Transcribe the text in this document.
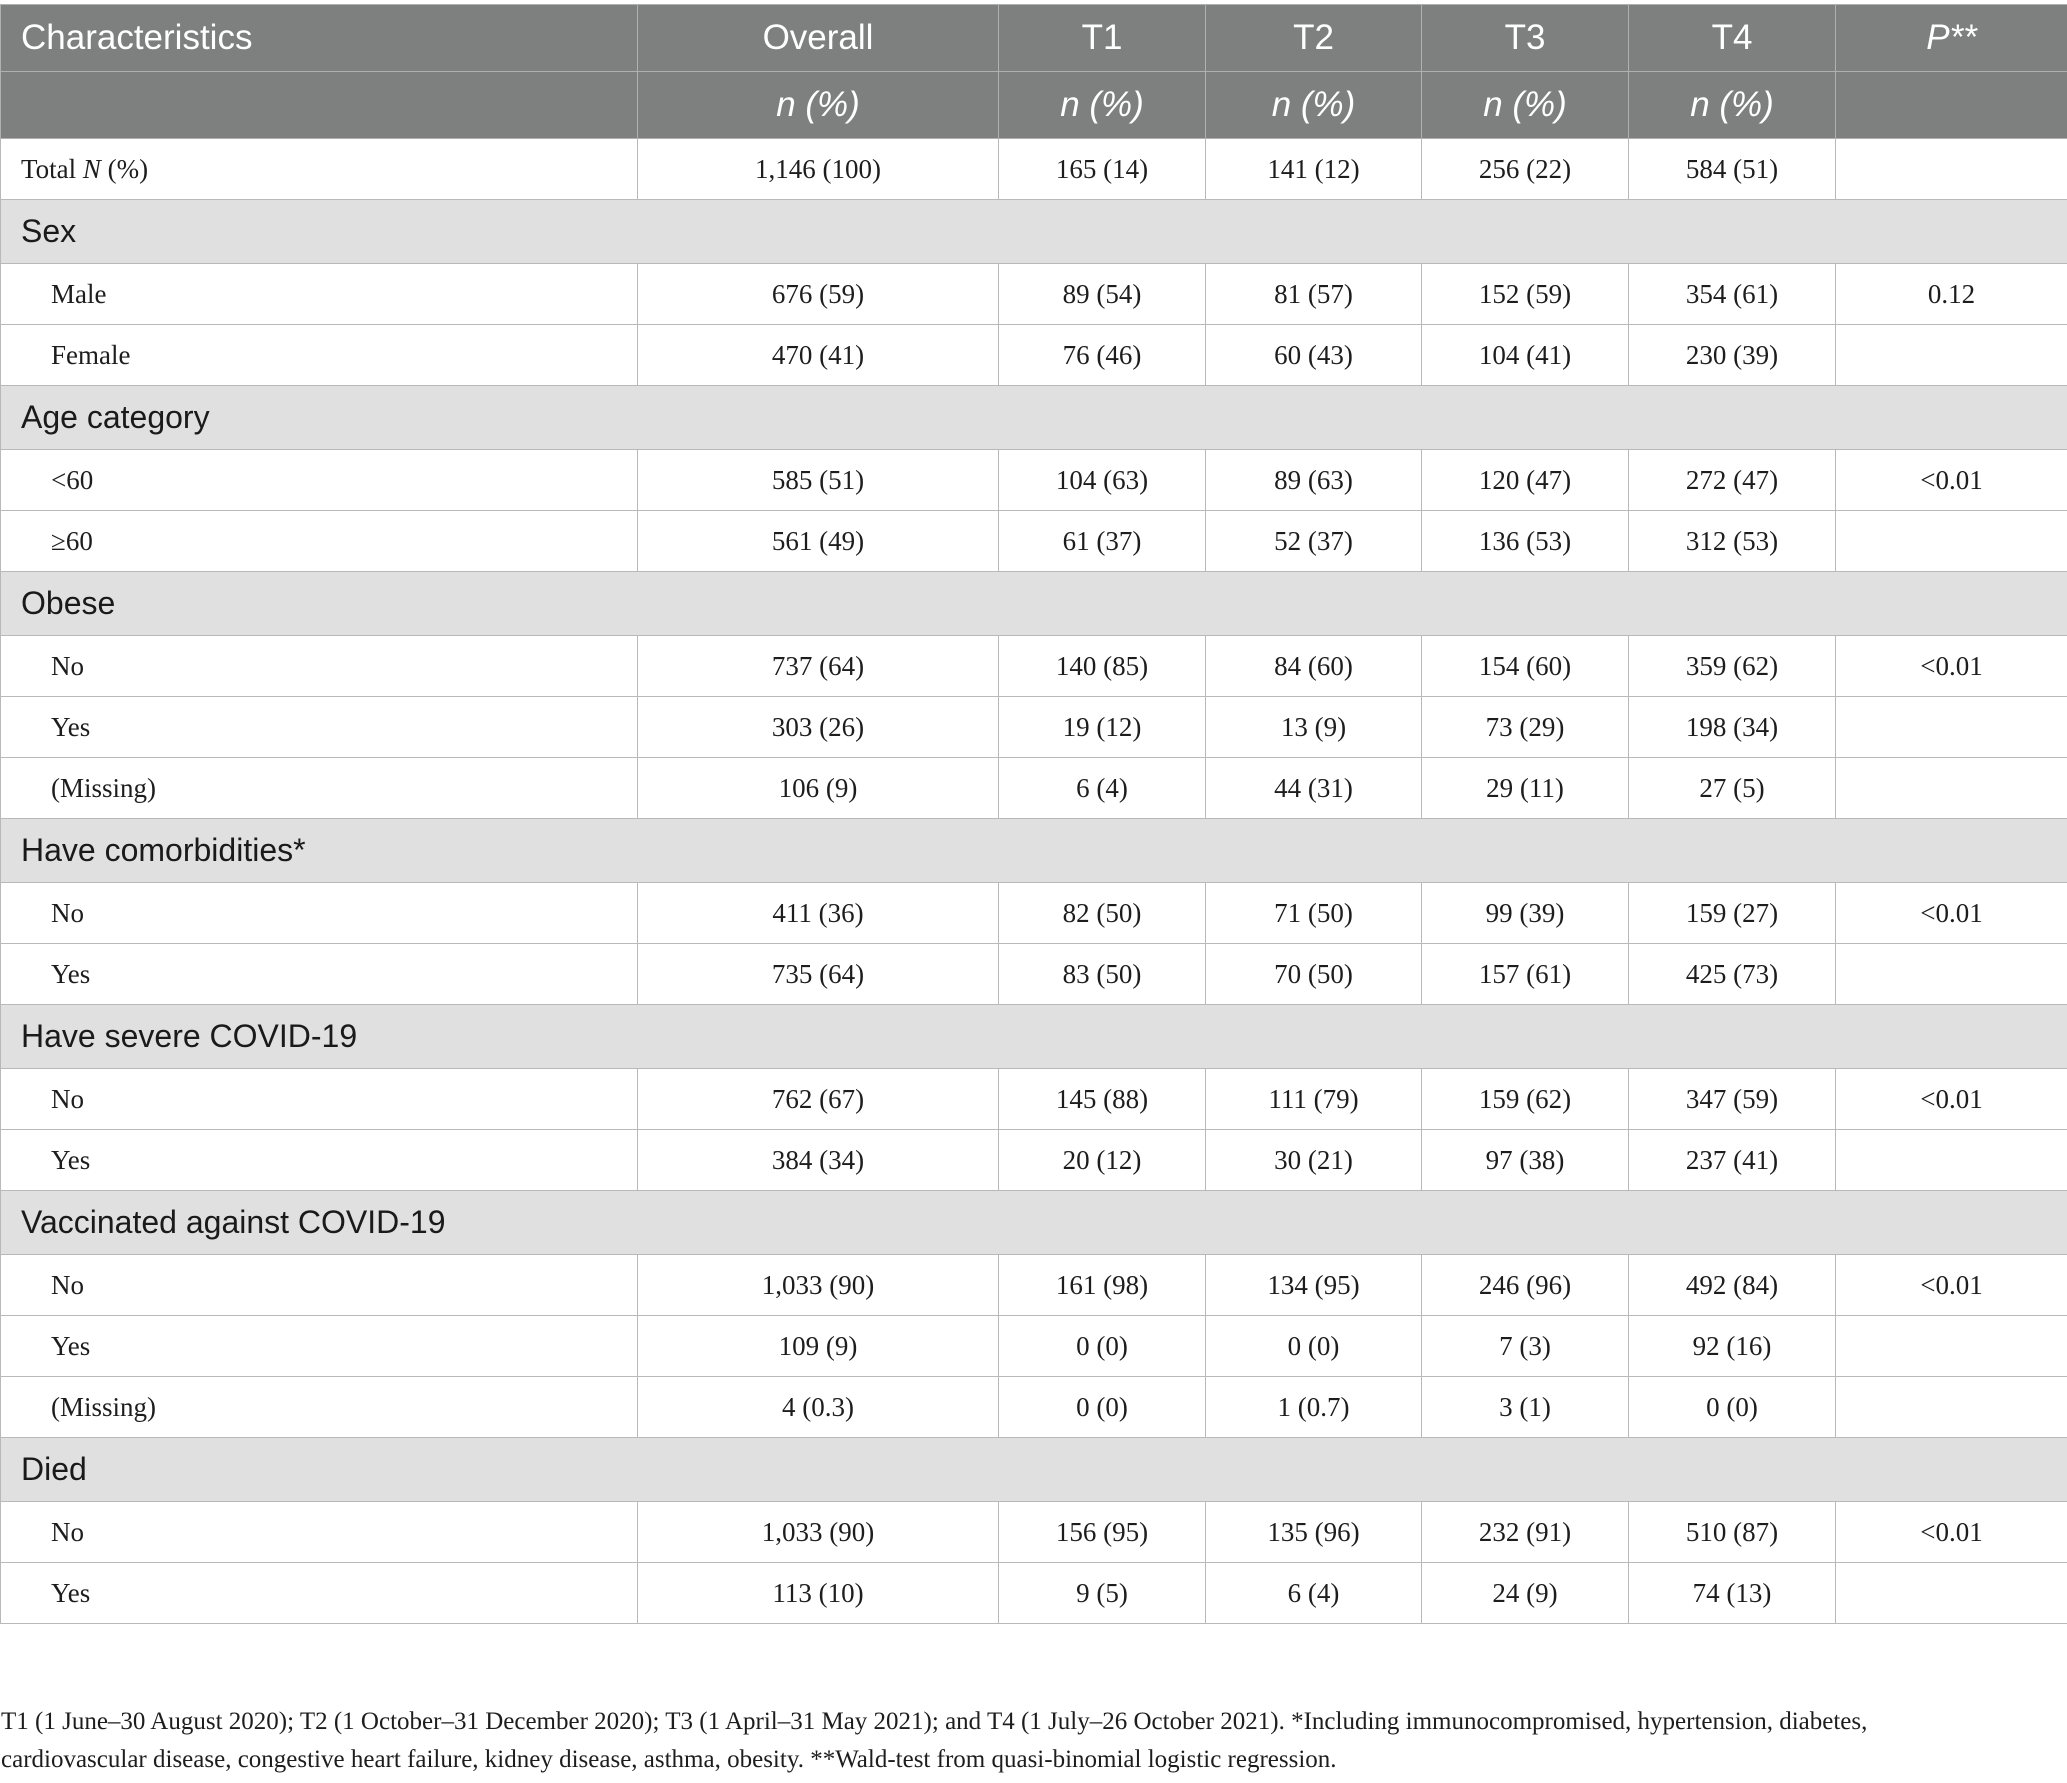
Characteristics	Overall	T1	T2	T3	T4	P**
	n (%)	n (%)	n (%)	n (%)	n (%)	
Total N (%)	1,146 (100)	165 (14)	141 (12)	256 (22)	584 (51)	
Sex						
Male	676 (59)	89 (54)	81 (57)	152 (59)	354 (61)	0.12
Female	470 (41)	76 (46)	60 (43)	104 (41)	230 (39)	
Age category						
<60	585 (51)	104 (63)	89 (63)	120 (47)	272 (47)	<0.01
≥60	561 (49)	61 (37)	52 (37)	136 (53)	312 (53)	
Obese						
No	737 (64)	140 (85)	84 (60)	154 (60)	359 (62)	<0.01
Yes	303 (26)	19 (12)	13 (9)	73 (29)	198 (34)	
(Missing)	106 (9)	6 (4)	44 (31)	29 (11)	27 (5)	
Have comorbidities*						
No	411 (36)	82 (50)	71 (50)	99 (39)	159 (27)	<0.01
Yes	735 (64)	83 (50)	70 (50)	157 (61)	425 (73)	
Have severe COVID-19						
No	762 (67)	145 (88)	111 (79)	159 (62)	347 (59)	<0.01
Yes	384 (34)	20 (12)	30 (21)	97 (38)	237 (41)	
Vaccinated against COVID-19						
No	1,033 (90)	161 (98)	134 (95)	246 (96)	492 (84)	<0.01
Yes	109 (9)	0 (0)	0 (0)	7 (3)	92 (16)	
(Missing)	4 (0.3)	0 (0)	1 (0.7)	3 (1)	0 (0)	
Died						
No	1,033 (90)	156 (95)	135 (96)	232 (91)	510 (87)	<0.01
Yes	113 (10)	9 (5)	6 (4)	24 (9)	74 (13)	
T1 (1 June–30 August 2020); T2 (1 October–31 December 2020); T3 (1 April–31 May 2021); and T4 (1 July–26 October 2021). *Including immunocompromised, hypertension, diabetes,
cardiovascular disease, congestive heart failure, kidney disease, asthma, obesity. **Wald-test from quasi-binomial logistic regression.
